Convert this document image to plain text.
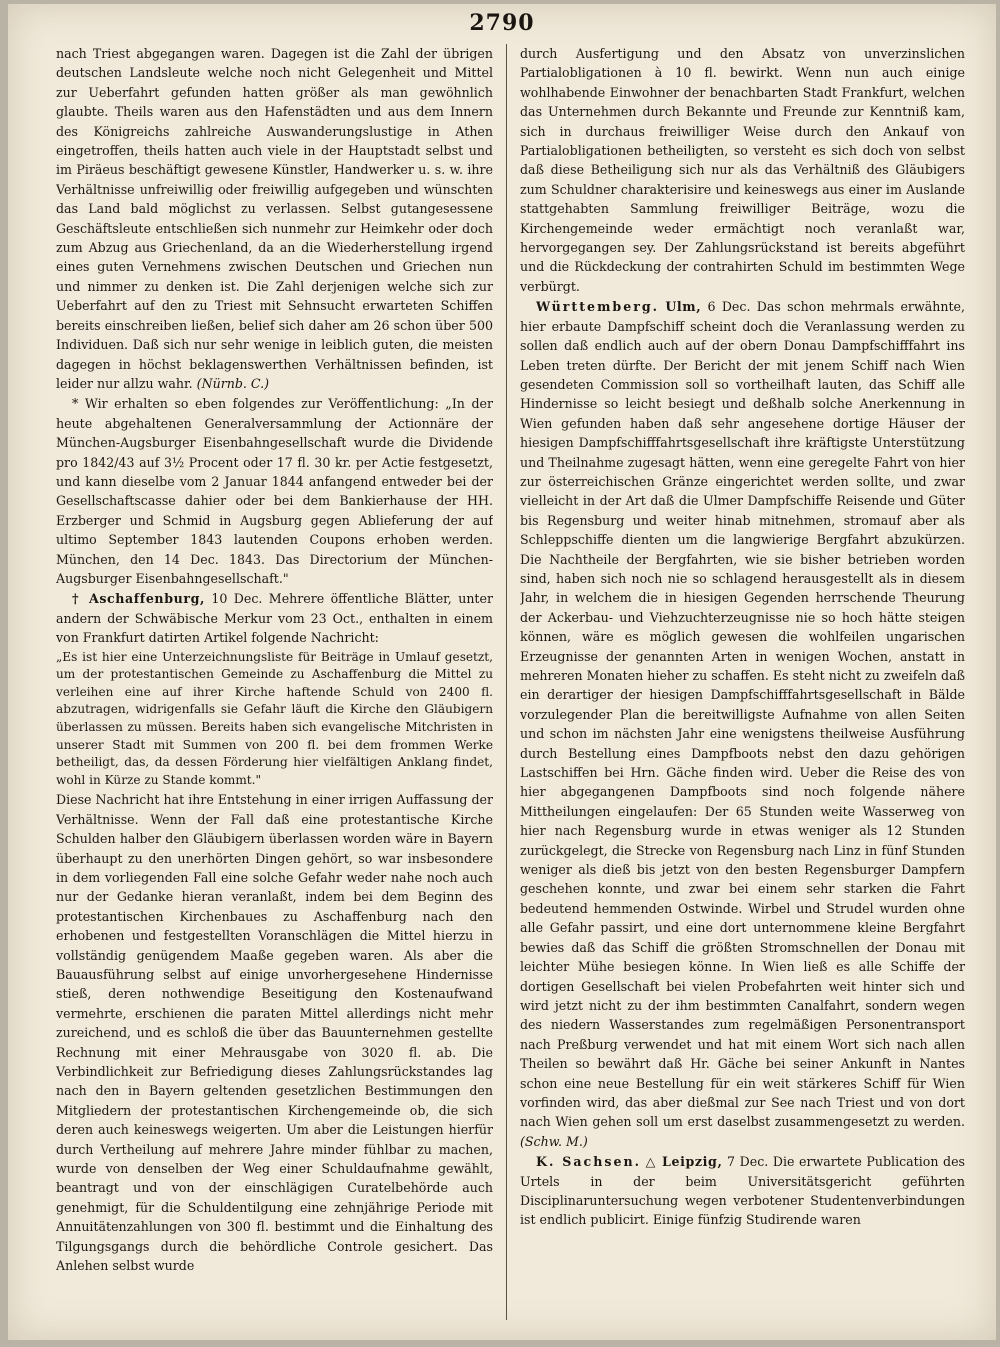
2790

nach Triest abgegangen waren. Dagegen ist die Zahl der übrigen deutschen Landsleute welche noch nicht Gelegenheit und Mittel zur Ueberfahrt gefunden hatten größer als man gewöhnlich glaubte. Theils waren aus den Hafenstädten und aus dem Innern des Königreichs zahlreiche Auswanderungslustige in Athen eingetroffen, theils hatten auch viele in der Hauptstadt selbst und im Piräeus beschäftigt gewesene Künstler, Handwerker u. s. w. ihre Verhältnisse unfreiwillig oder freiwillig aufgegeben und wünschten das Land bald möglichst zu verlassen. Selbst gutangesessene Geschäftsleute entschließen sich nunmehr zur Heimkehr oder doch zum Abzug aus Griechenland, da an die Wiederherstellung irgend eines guten Vernehmens zwischen Deutschen und Griechen nun und nimmer zu denken ist. Die Zahl derjenigen welche sich zur Ueberfahrt auf den zu Triest mit Sehnsucht erwarteten Schiffen bereits einschreiben ließen, belief sich daher am 26 schon über 500 Individuen. Daß sich nur sehr wenige in leiblich guten, die meisten dagegen in höchst beklagenswerthen Verhältnissen befinden, ist leider nur allzu wahr. (Nürnb. C.)

* Wir erhalten so eben folgendes zur Veröffentlichung: „In der heute abgehaltenen Generalversammlung der Actionnäre der München-Augsburger Eisenbahngesellschaft wurde die Dividende pro 1842/43 auf 3½ Procent oder 17 fl. 30 kr. per Actie festgesetzt, und kann dieselbe vom 2 Januar 1844 anfangend entweder bei der Gesellschaftscasse dahier oder bei dem Bankierhause der HH. Erzberger und Schmid in Augsburg gegen Ablieferung der auf ultimo September 1843 lautenden Coupons erhoben werden. München, den 14 Dec. 1843. Das Directorium der München-Augsburger Eisenbahngesellschaft."

† Aschaffenburg, 10 Dec. Mehrere öffentliche Blätter, unter andern der Schwäbische Merkur vom 23 Oct., enthalten in einem von Frankfurt datirten Artikel folgende Nachricht:

„Es ist hier eine Unterzeichnungsliste für Beiträge in Umlauf gesetzt, um der protestantischen Gemeinde zu Aschaffenburg die Mittel zu verleihen eine auf ihrer Kirche haftende Schuld von 2400 fl. abzutragen, widrigenfalls sie Gefahr läuft die Kirche den Gläubigern überlassen zu müssen. Bereits haben sich evangelische Mitchristen in unserer Stadt mit Summen von 200 fl. bei dem frommen Werke betheiligt, das, da dessen Förderung hier vielfältigen Anklang findet, wohl in Kürze zu Stande kommt."

Diese Nachricht hat ihre Entstehung in einer irrigen Auffassung der Verhältnisse. Wenn der Fall daß eine protestantische Kirche Schulden halber den Gläubigern überlassen worden wäre in Bayern überhaupt zu den unerhörten Dingen gehört, so war insbesondere in dem vorliegenden Fall eine solche Gefahr weder nahe noch auch nur der Gedanke hieran veranlaßt, indem bei dem Beginn des protestantischen Kirchenbaues zu Aschaffenburg nach den erhobenen und festgestellten Voranschlägen die Mittel hierzu in vollständig genügendem Maaße gegeben waren. Als aber die Bauausführung selbst auf einige unvorhergesehene Hindernisse stieß, deren nothwendige Beseitigung den Kostenaufwand vermehrte, erschienen die paraten Mittel allerdings nicht mehr zureichend, und es schloß die über das Bauunternehmen gestellte Rechnung mit einer Mehrausgabe von 3020 fl. ab. Die Verbindlichkeit zur Befriedigung dieses Zahlungsrückstandes lag nach den in Bayern geltenden gesetzlichen Bestimmungen den Mitgliedern der protestantischen Kirchengemeinde ob, die sich deren auch keineswegs weigerten. Um aber die Leistungen hierfür durch Vertheilung auf mehrere Jahre minder fühlbar zu machen, wurde von denselben der Weg einer Schuldaufnahme gewählt, beantragt und von der einschlägigen Curatelbehörde auch genehmigt, für die Schuldentilgung eine zehnjährige Periode mit Annuitätenzahlungen von 300 fl. bestimmt und die Einhaltung des Tilgungsgangs durch die behördliche Controle gesichert. Das Anlehen selbst wurde

durch Ausfertigung und den Absatz von unverzinslichen Partialobligationen à 10 fl. bewirkt. Wenn nun auch einige wohlhabende Einwohner der benachbarten Stadt Frankfurt, welchen das Unternehmen durch Bekannte und Freunde zur Kenntniß kam, sich in durchaus freiwilliger Weise durch den Ankauf von Partialobligationen betheiligten, so versteht es sich doch von selbst daß diese Betheiligung sich nur als das Verhältniß des Gläubigers zum Schuldner charakterisire und keineswegs aus einer im Auslande stattgehabten Sammlung freiwilliger Beiträge, wozu die Kirchengemeinde weder ermächtigt noch veranlaßt war, hervorgegangen sey. Der Zahlungsrückstand ist bereits abgeführt und die Rückdeckung der contrahirten Schuld im bestimmten Wege verbürgt.

Württemberg. Ulm, 6 Dec. Das schon mehrmals erwähnte, hier erbaute Dampfschiff scheint doch die Veranlassung werden zu sollen daß endlich auch auf der obern Donau Dampfschifffahrt ins Leben treten dürfte. Der Bericht der mit jenem Schiff nach Wien gesendeten Commission soll so vortheilhaft lauten, das Schiff alle Hindernisse so leicht besiegt und deßhalb solche Anerkennung in Wien gefunden haben daß sehr angesehene dortige Häuser der hiesigen Dampfschifffahrtsgesellschaft ihre kräftigste Unterstützung und Theilnahme zugesagt hätten, wenn eine geregelte Fahrt von hier zur österreichischen Gränze eingerichtet werden sollte, und zwar vielleicht in der Art daß die Ulmer Dampfschiffe Reisende und Güter bis Regensburg und weiter hinab mitnehmen, stromauf aber als Schleppschiffe dienten um die langwierige Bergfahrt abzukürzen. Die Nachtheile der Bergfahrten, wie sie bisher betrieben worden sind, haben sich noch nie so schlagend herausgestellt als in diesem Jahr, in welchem die in hiesigen Gegenden herrschende Theurung der Ackerbau- und Viehzuchterzeugnisse nie so hoch hätte steigen können, wäre es möglich gewesen die wohlfeilen ungarischen Erzeugnisse der genannten Arten in wenigen Wochen, anstatt in mehreren Monaten hieher zu schaffen. Es steht nicht zu zweifeln daß ein derartiger der hiesigen Dampfschifffahrtsgesellschaft in Bälde vorzulegender Plan die bereitwilligste Aufnahme von allen Seiten und schon im nächsten Jahr eine wenigstens theilweise Ausführung durch Bestellung eines Dampfboots nebst den dazu gehörigen Lastschiffen bei Hrn. Gäche finden wird. Ueber die Reise des von hier abgegangenen Dampfboots sind noch folgende nähere Mittheilungen eingelaufen: Der 65 Stunden weite Wasserweg von hier nach Regensburg wurde in etwas weniger als 12 Stunden zurückgelegt, die Strecke von Regensburg nach Linz in fünf Stunden weniger als dieß bis jetzt von den besten Regensburger Dampfern geschehen konnte, und zwar bei einem sehr starken die Fahrt bedeutend hemmenden Ostwinde. Wirbel und Strudel wurden ohne alle Gefahr passirt, und eine dort unternommene kleine Bergfahrt bewies daß das Schiff die größten Stromschnellen der Donau mit leichter Mühe besiegen könne. In Wien ließ es alle Schiffe der dortigen Gesellschaft bei vielen Probefahrten weit hinter sich und wird jetzt nicht zu der ihm bestimmten Canalfahrt, sondern wegen des niedern Wasserstandes zum regelmäßigen Personentransport nach Preßburg verwendet und hat mit einem Wort sich nach allen Theilen so bewährt daß Hr. Gäche bei seiner Ankunft in Nantes schon eine neue Bestellung für ein weit stärkeres Schiff für Wien vorfinden wird, das aber dießmal zur See nach Triest und von dort nach Wien gehen soll um erst daselbst zusammengesetzt zu werden. (Schw. M.)

K. Sachsen. △ Leipzig, 7 Dec. Die erwartete Publication des Urtels in der beim Universitätsgericht geführten Disciplinaruntersuchung wegen verbotener Studentenverbindungen ist endlich publicirt. Einige fünfzig Studirende waren
